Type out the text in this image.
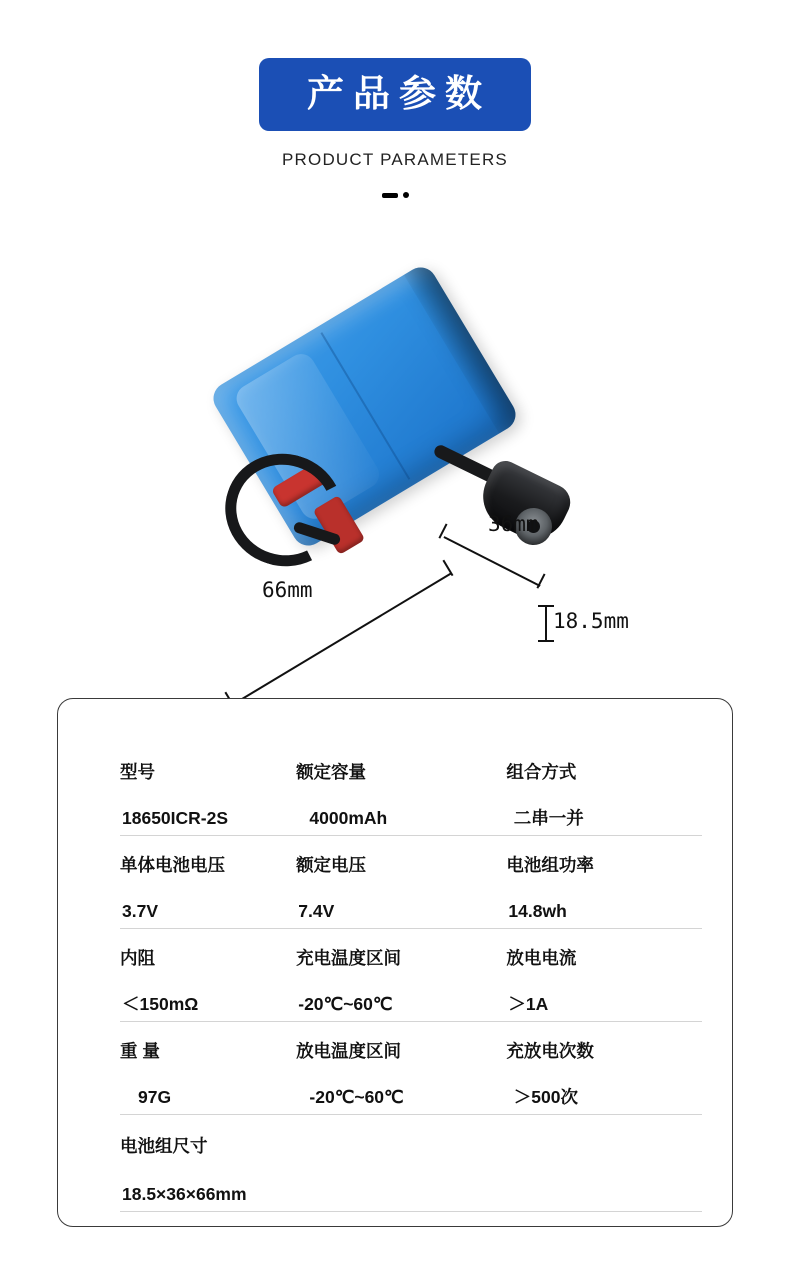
产品参数
PRODUCT PARAMETERS
36mm
66mm
18.5mm
型号	额定容量	组合方式
18650ICR-2S	4000mAh	二串一并
单体电池电压	额定电压	电池组功率
3.7V	7.4V	14.8wh
内阻	充电温度区间	放电电流
＜150mΩ	-20℃~60℃	＞1A
重 量	放电温度区间	充放电次数
97G	-20℃~60℃	＞500次
电池组尺寸
18.5×36×66mm
